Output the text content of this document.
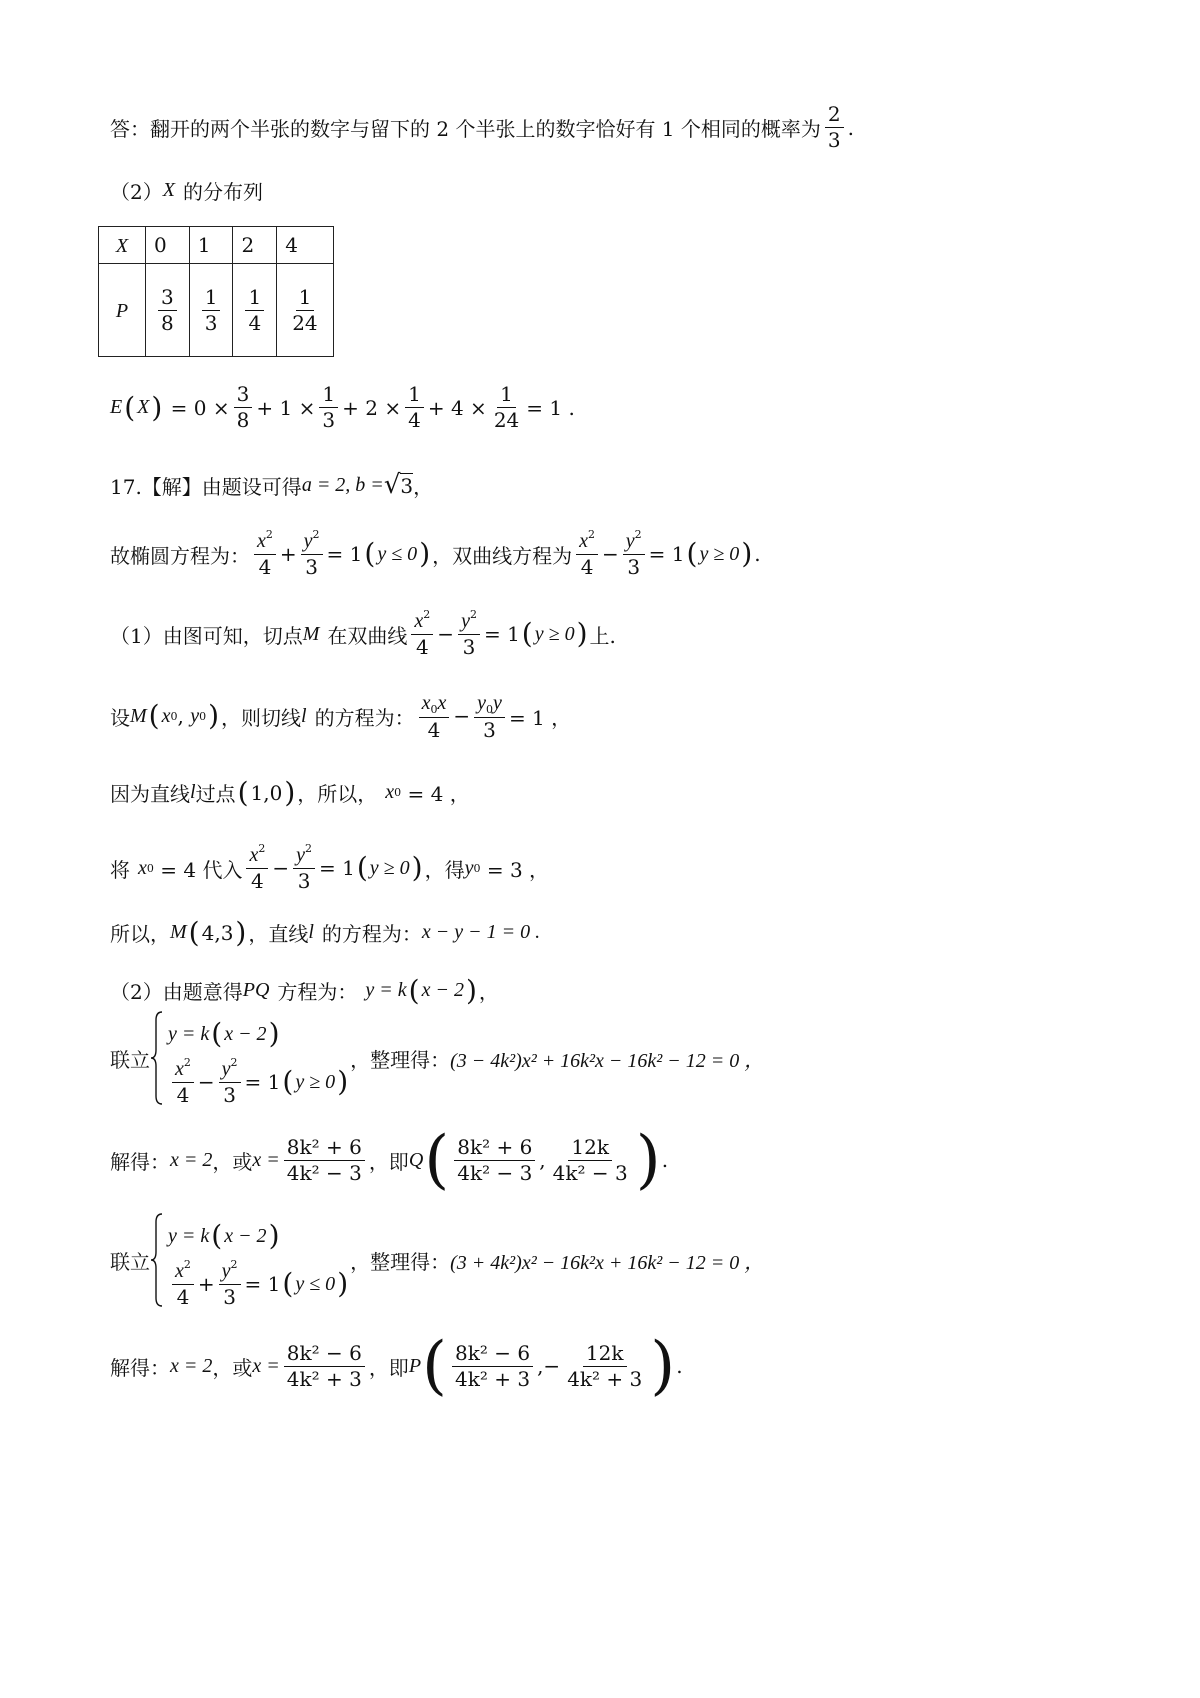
答：翻开的两个半张的数字与留下的 2 个半张上的数字恰好有 1 个相同的概率为 $\frac{2}{3}$ .
（2） X 的分布列
X	0	1	2	4
P	$\frac{3}{8}$	$\frac{1}{3}$	$\frac{1}{4}$	$\frac{1}{24}$
E ( X ) = $0 \times \frac{3}{8} + 1 \times \frac{1}{3} + 2 \times \frac{1}{4} + 4 \times \frac{1}{24} = 1$ .
17.【解】由题设可得 a = 2, b = √ 3 ，
故椭圆方程为： $\frac{x^2}{4} + \frac{y^2}{3} = 1$ ( y ≤ 0 ) ，双曲线方程为 $\frac{x^2}{4} - \frac{y^2}{3} = 1$ ( y ≥ 0 ) .
（1）由图可知，切点 M 在双曲线 $\frac{x^2}{4} - \frac{y^2}{3} = 1$ ( y ≥ 0 ) 上.
设 M ( x 0 , y 0 ) ，则切线 l 的方程为： $\frac{x_0x}{4} - \frac{y_0y}{3} = 1$ ，
因为直线 l 过点 ( 1,0 ) ，所以， x 0
= 4 ，
将 x 0
= 4 代入 $\frac{x^2}{4} - \frac{y^2}{3} = 1$ ( y ≥ 0 ) ，得 y 0
= 3 ，
所以， M ( 4,3 ) ，直线 l 的方程为： x − y − 1 = 0 .
（2）由题意得 PQ 方程为： y = k ( x − 2 ) ，
联立
y = k ( x − 2 )
$\frac{x^2}{4} - \frac{y^2}{3} = 1$ ( y ≥ 0 )
，整理得： (3 − 4k²)x² + 16k²x − 16k² − 12 = 0 ，
解得： x = 2 ，或 $x = \frac{\text{8k² + 6}}{\text{4k² − 3}}$ ，即 Q ( $\frac{\text{8k² + 6}}{\text{4k² − 3}}$ , $\frac{12k}{\text{4k² − 3}}$ ) .
联立
y = k ( x − 2 )
$\frac{x^2}{4} + \frac{y^2}{3} = 1$ ( y ≤ 0 )
，整理得： (3 + 4k²)x² − 16k²x + 16k² − 12 = 0 ，
解得： x = 2 ，或 $x = \frac{\text{8k² − 6}}{\text{4k² + 3}}$ ，即 P ( $\frac{\text{8k² − 6}}{\text{4k² + 3}}$ ,− $\frac{12k}{\text{4k² + 3}}$ ) .
